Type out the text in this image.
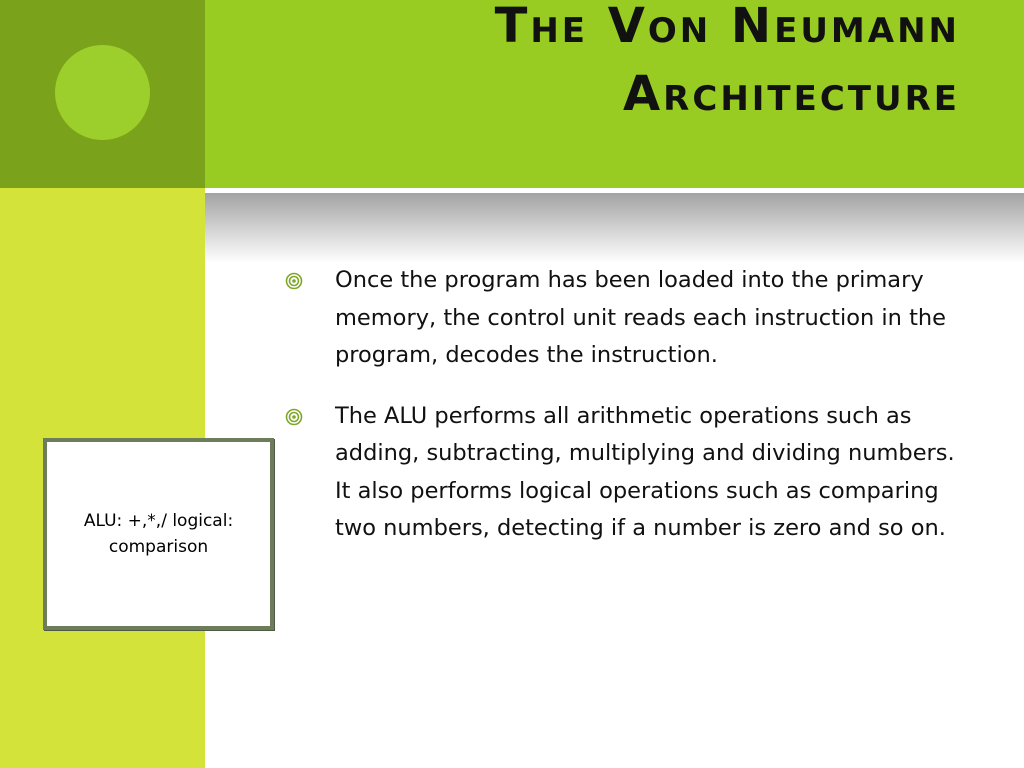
The Von Neumann
Architecture
Once the program has been loaded into the primary memory, the control unit reads each instruction in the program, decodes the instruction.
The ALU performs all arithmetic operations such as adding, subtracting, multiplying and dividing numbers. It also performs logical operations such as comparing two numbers, detecting if a number is zero and so on.
ALU: +,*,/ logical:
comparison
